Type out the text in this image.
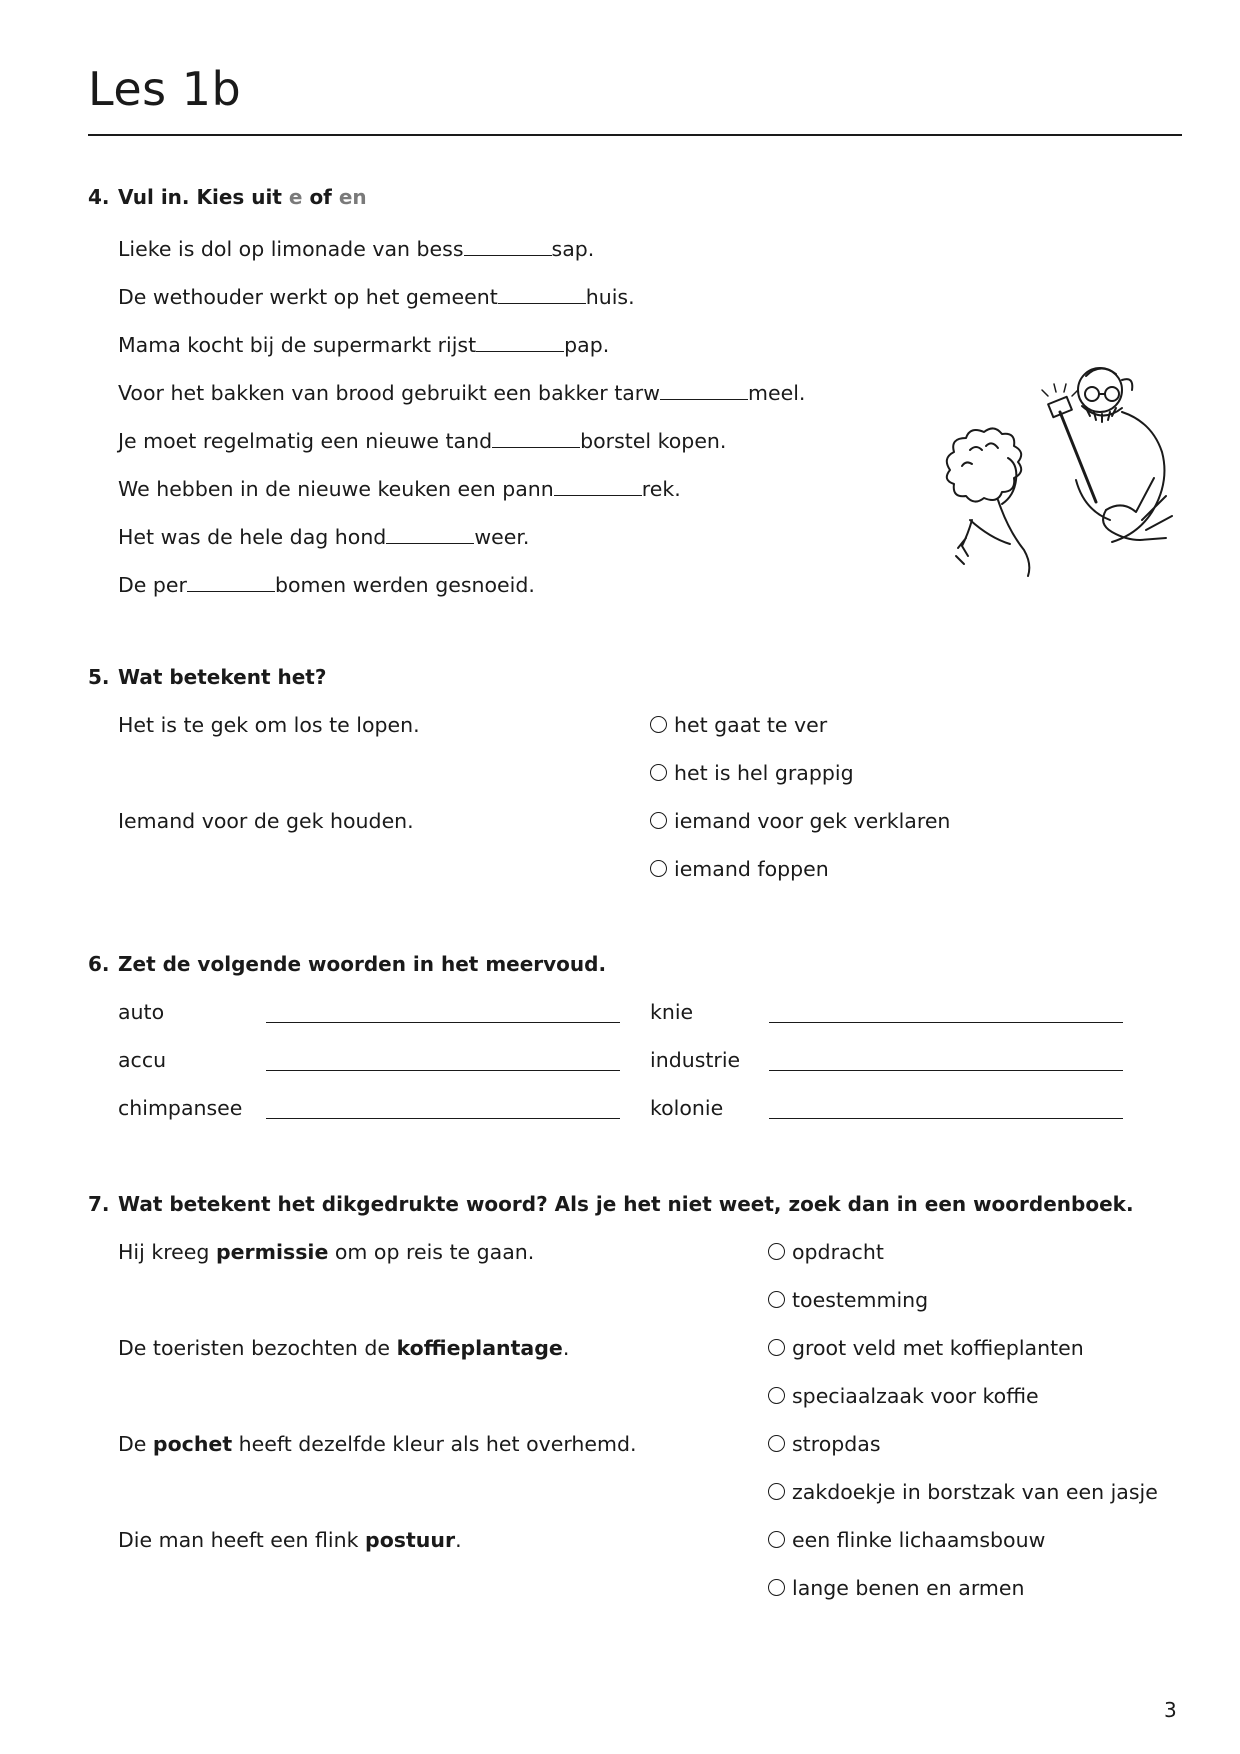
Les 1b
4. Vul in. Kies uit e of en
Lieke is dol op limonade van bess	sap.
De wethouder werkt op het gemeent	huis.
Mama kocht bij de supermarkt rijst	pap.
Voor het bakken van brood gebruikt een bakker tarw	meel.
Je moet regelmatig een nieuwe tand	borstel kopen.
We hebben in de nieuwe keuken een pann	rek.
Het was de hele dag hond	weer.
De per	bomen werden gesnoeid.
5. Wat betekent het?
Het is te gek om los te lopen.	het gaat te ver
het is hel grappig
Iemand voor de gek houden.	iemand voor gek verklaren
iemand foppen
6. Zet de volgende woorden in het meervoud.
auto	knie
accu	industrie
chimpansee	kolonie
7. Wat betekent het dikgedrukte woord? Als je het niet weet, zoek dan in een woordenboek.
Hij kreeg permissie om op reis te gaan.	opdracht
toestemming
De toeristen bezochten de koffieplantage.	groot veld met koffieplanten
speciaalzaak voor koffie
De pochet heeft dezelfde kleur als het overhemd.	stropdas
zakdoekje in borstzak van een jasje
Die man heeft een flink postuur.	een flinke lichaamsbouw
lange benen en armen
3
